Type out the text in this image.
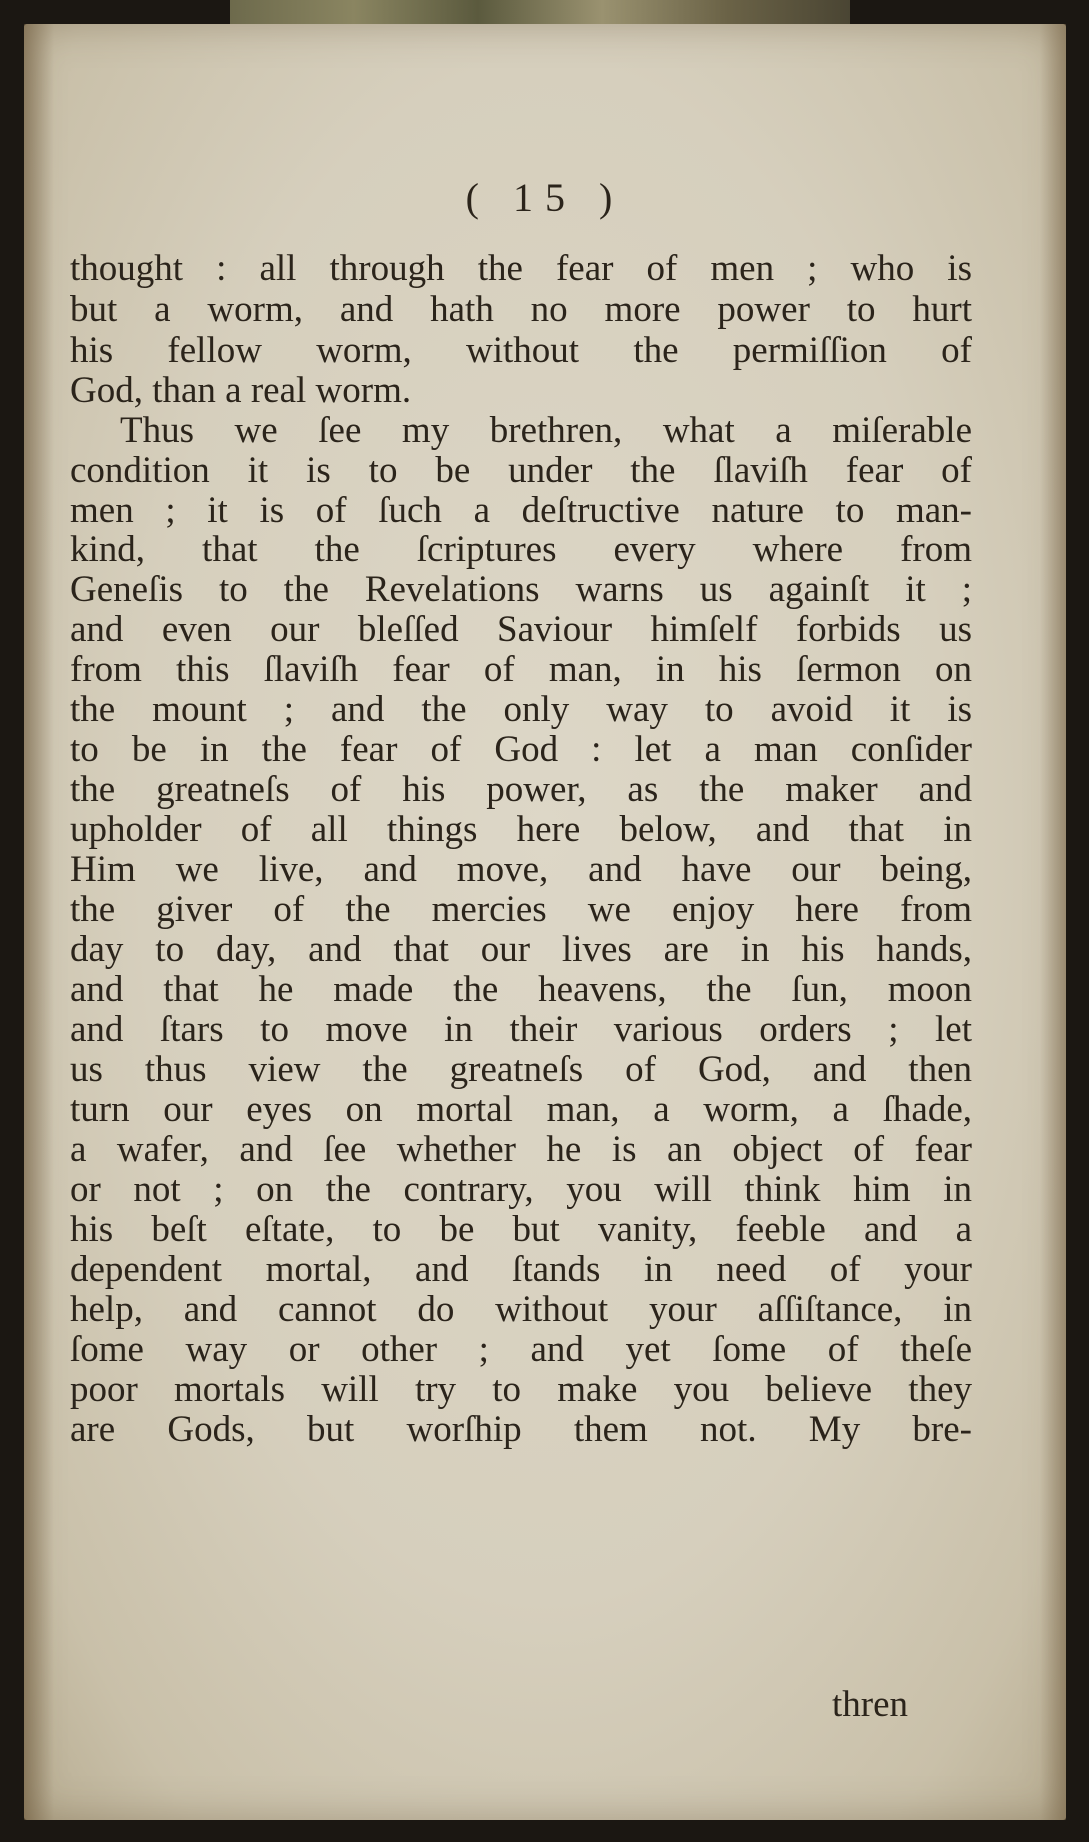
( 15 )
thought : all through the fear of men ; who is
but a worm, and hath no more power to hurt
his fellow worm, without the permiſſion of
God, than a real worm.
Thus we ſee my brethren, what a miſerable
condition it is to be under the ſlaviſh fear of
men ; it is of ſuch a deſtructive nature to man-
kind, that the ſcriptures every where from
Geneſis to the Revelations warns us againſt it ;
and even our bleſſed Saviour himſelf forbids us
from this ſlaviſh fear of man, in his ſermon on
the mount ; and the only way to avoid it is
to be in the fear of God : let a man conſider
the greatneſs of his power, as the maker and
upholder of all things here below, and that in
Him we live, and move, and have our being,
the giver of the mercies we enjoy here from
day to day, and that our lives are in his hands,
and that he made the heavens, the ſun, moon
and ſtars to move in their various orders ; let
us thus view the greatneſs of God, and then
turn our eyes on mortal man, a worm, a ſhade,
a wafer, and ſee whether he is an object of fear
or not ; on the contrary, you will think him in
his beſt eſtate, to be but vanity, feeble and a
dependent mortal, and ſtands in need of your
help, and cannot do without your aſſiſtance, in
ſome way or other ; and yet ſome of theſe
poor mortals will try to make you believe they
are Gods, but worſhip them not. My bre-
thren
